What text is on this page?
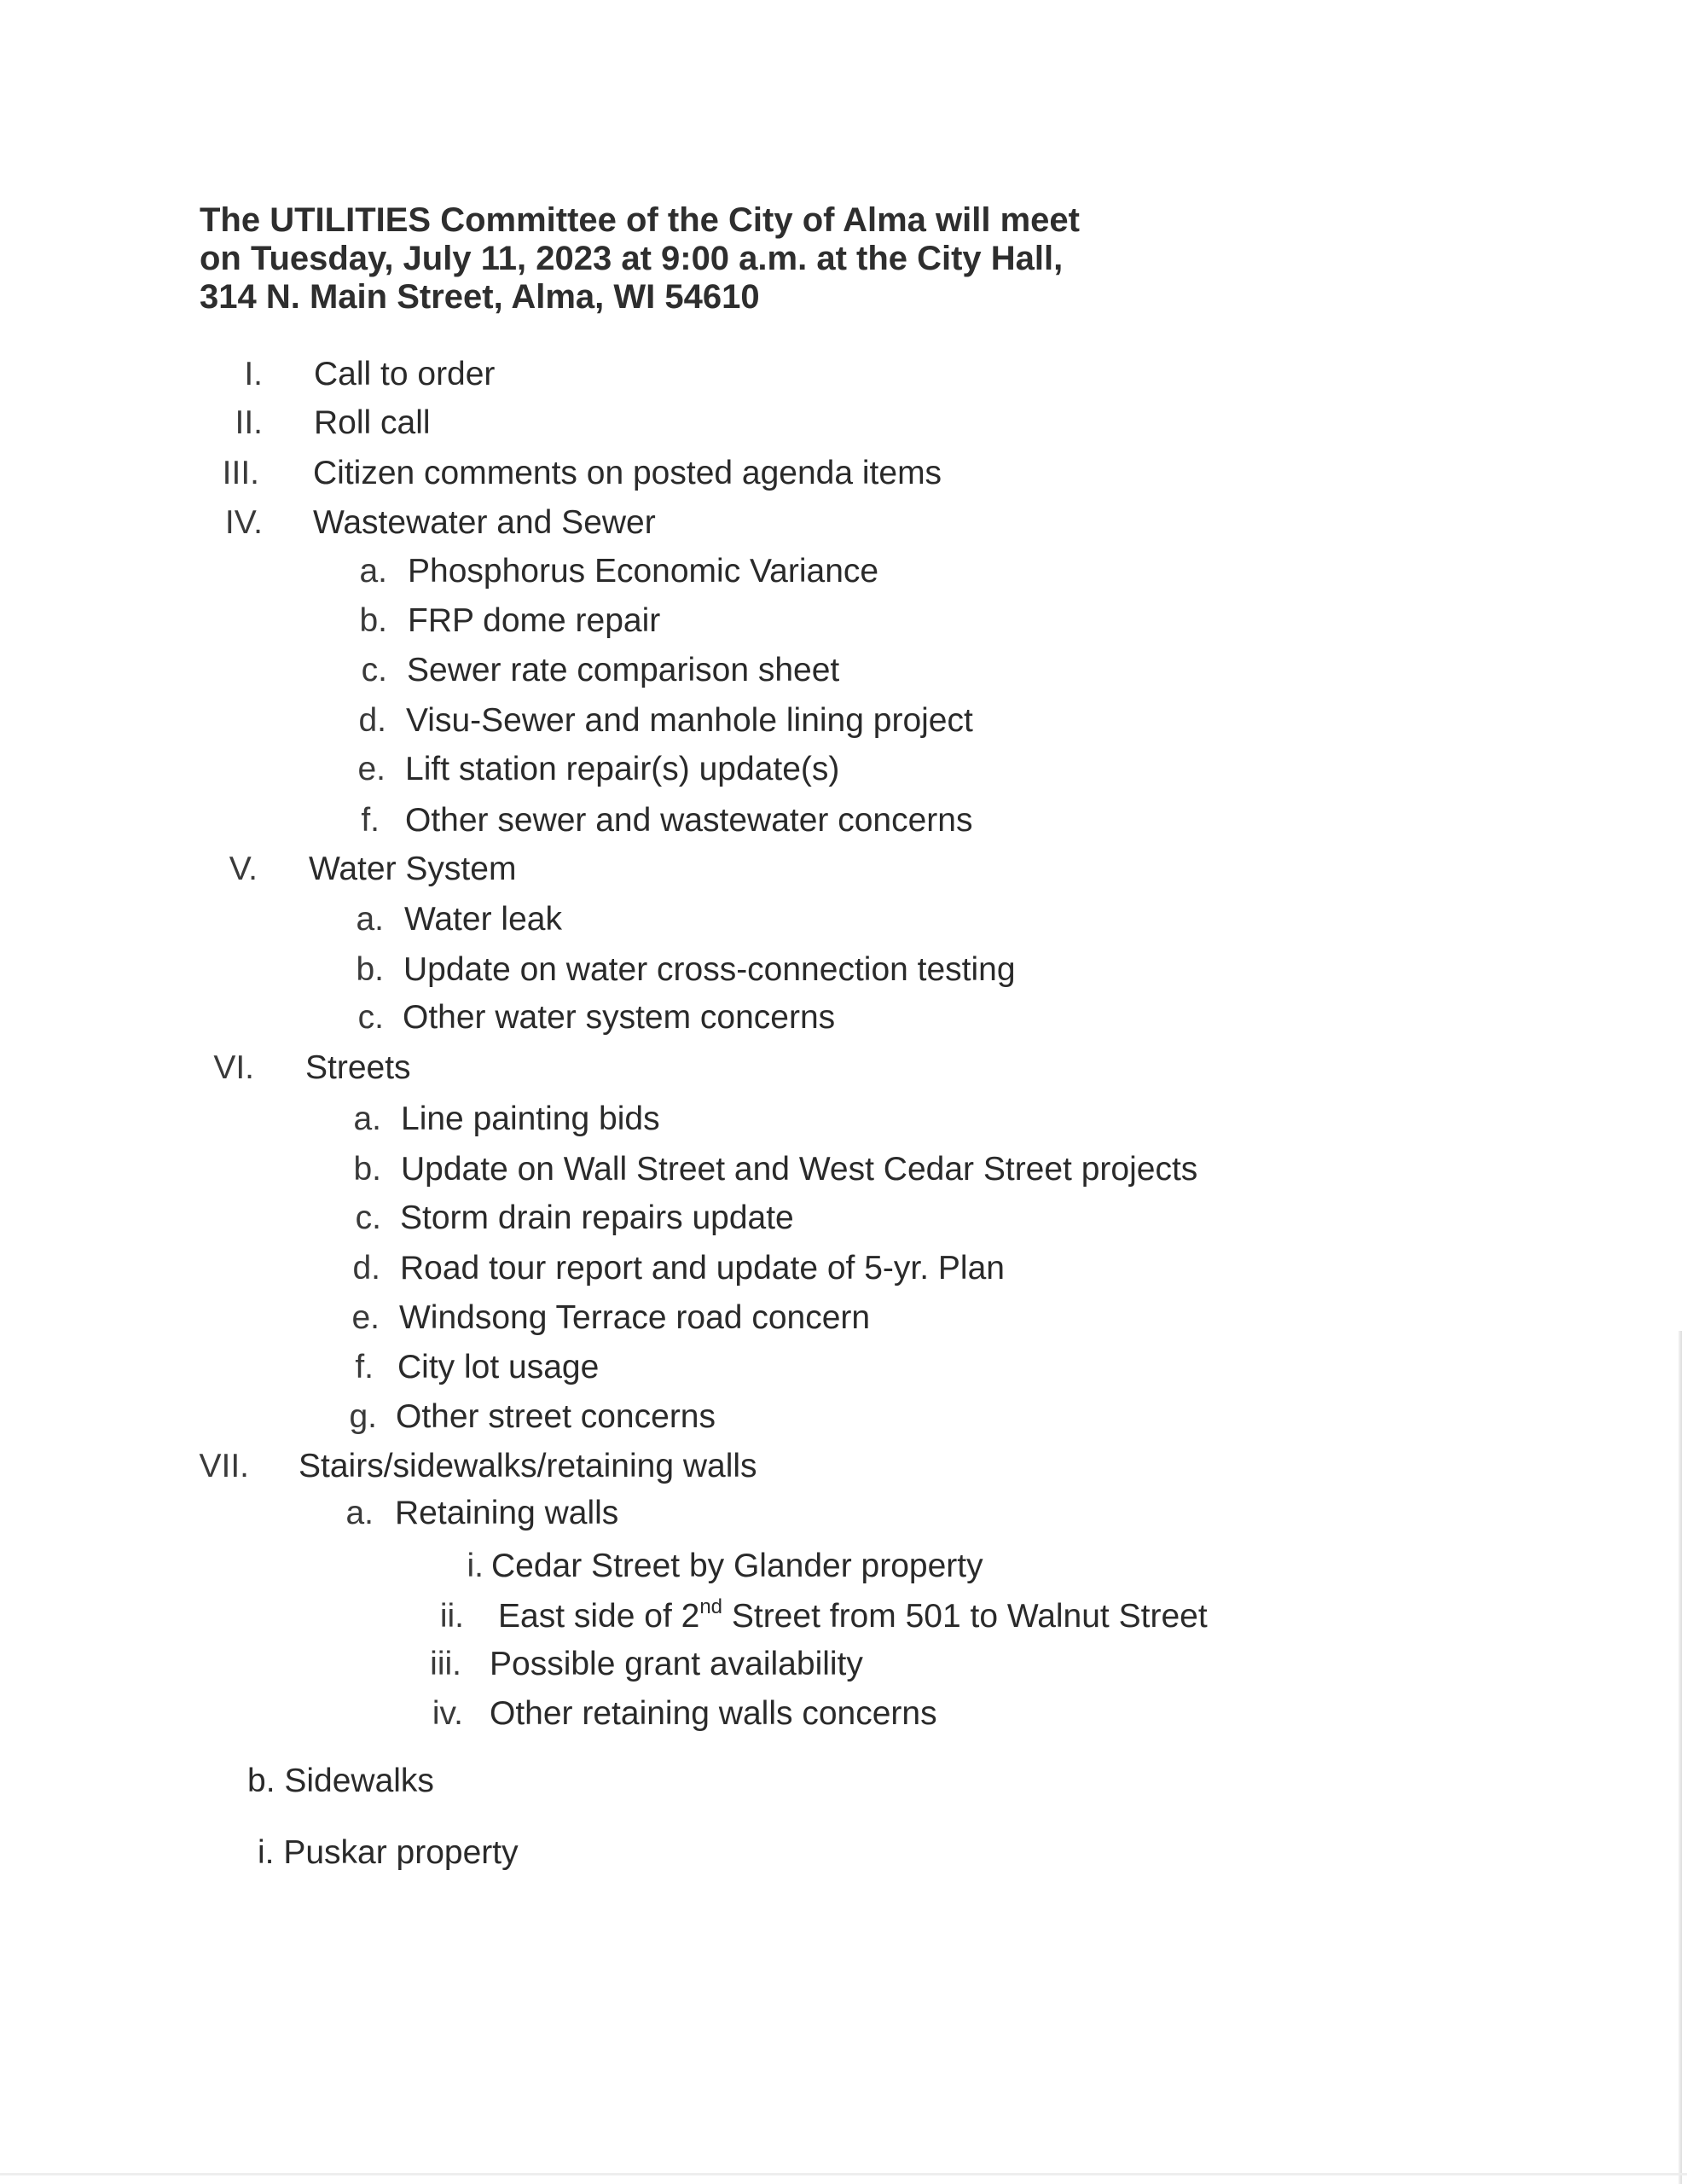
The UTILITIES Committee of the City of Alma will meet
on Tuesday, July 11, 2023 at 9:00 a.m. at the City Hall,
314 N. Main Street, Alma, WI 54610
I. Call to order
II. Roll call
III. Citizen comments on posted agenda items
IV. Wastewater and Sewer
a. Phosphorus Economic Variance
b. FRP dome repair
c. Sewer rate comparison sheet
d. Visu-Sewer and manhole lining project
e. Lift station repair(s) update(s)
f. Other sewer and wastewater concerns
V. Water System
a. Water leak
b. Update on water cross-connection testing
c. Other water system concerns
VI. Streets
a. Line painting bids
b. Update on Wall Street and West Cedar Street projects
c. Storm drain repairs update
d. Road tour report and update of 5-yr. Plan
e. Windsong Terrace road concern
f. City lot usage
g. Other street concerns
VII. Stairs/sidewalks/retaining walls
a. Retaining walls
i. Cedar Street by Glander property
ii. East side of 2nd Street from 501 to Walnut Street
iii. Possible grant availability
iv. Other retaining walls concerns
b. Sidewalks
i. Puskar property
